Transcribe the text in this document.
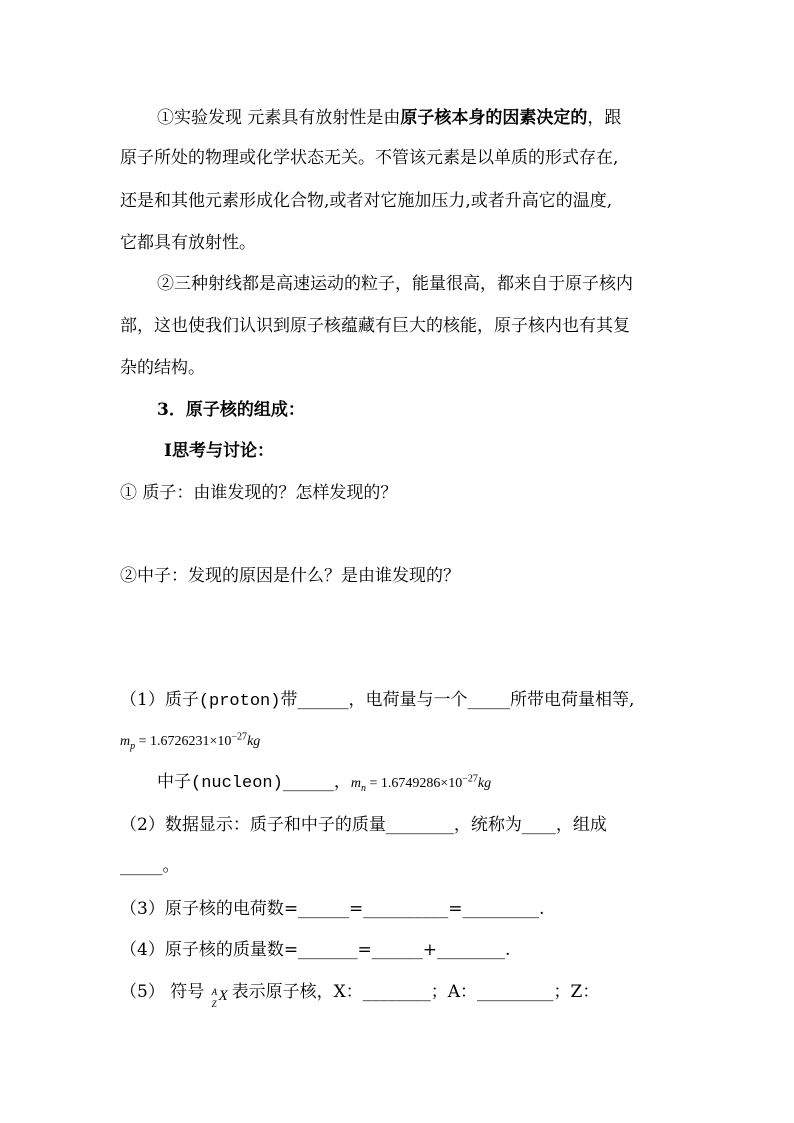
①实验发现 元素具有放射性是由原子核本身的因素决定的，跟
原子所处的物理或化学状态无关。不管该元素是以单质的形式存在,
还是和其他元素形成化合物,或者对它施加压力,或者升高它的温度,
它都具有放射性。
②三种射线都是高速运动的粒子，能量很高，都来自于原子核内
部，这也使我们认识到原子核蕴藏有巨大的核能，原子核内也有其复
杂的结构。
3．原子核的组成：
Ⅰ思考与讨论：
① 质子：由谁发现的？怎样发现的？
②中子：发现的原因是什么？是由谁发现的？
（1）质子(proton)带______，电荷量与一个_____所带电荷量相等,
$m_p = 1.6726231\times 10^{-27}kg$
中子(nucleon)______，$m_n = 1.6749286\times 10^{-27}kg$
（2）数据显示：质子和中子的质量________，统称为____，组成
_____。
（3）原子核的电荷数=______=__________=_________.
（4）原子核的质量数=_______=______+________.
（5） 符号 A
Z X 表示原子核，X：________；A：_________；Z：
